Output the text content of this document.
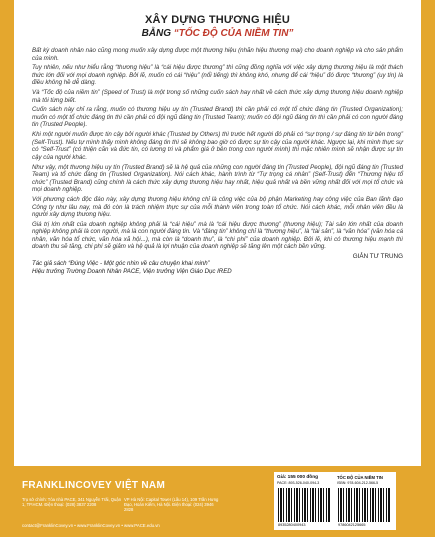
XÂY DỰNG THƯƠNG HIỆU
BẰNG “TỐC ĐỘ CỦA NIỀM TIN”

Bất kỳ doanh nhân nào cũng mong muốn xây dựng được một thương hiệu (nhãn hiệu thương mại) cho doanh nghiệp và cho sản phẩm của mình.

Tuy nhiên, nếu như hiểu rằng “thương hiệu” là “cái hiệu được thương” thì cũng đồng nghĩa với việc xây dựng thương hiệu là một thách thức lớn đối với mọi doanh nghiệp. Bởi lẽ, muốn có cái “hiệu” (nổi tiếng) thì không khó, nhưng để cái “hiệu” đó được “thương” (uy tín) là điều không hề dễ dàng.

Và “Tốc độ của niềm tin” (Speed of Trust) là một trong số những cuốn sách hay nhất về cách thức xây dựng thương hiệu doanh nghiệp mà tôi từng biết.

Cuốn sách này chỉ ra rằng, muốn có thương hiệu uy tín (Trusted Brand) thì cần phải có một tổ chức đáng tin (Trusted Organization); muốn có một tổ chức đáng tin thì cần phải có đội ngũ đáng tin (Trusted Team); muốn có đội ngũ đáng tin thì cần phải có con người đáng tin (Trusted People).

Khi một người muốn được tin cậy bởi người khác (Trusted by Others) thì trước hết người đó phải có “sự trọng / sự đáng tin từ bên trong” (Self-Trust). Nếu tự mình thấy mình không đáng tin thì sẽ không bao giờ có được sự tin cậy của người khác. Ngược lại, khi mình thực sự có “Self-Trust” (có thiện căn và đức tin, có lương tri và phẩm giá ở bên trong con người mình) thì mặc nhiên mình sẽ nhận được sự tin cậy của người khác.

Như vậy, một thương hiệu uy tín (Trusted Brand) sẽ là hệ quả của những con người đáng tin (Trusted People), đội ngũ đáng tin (Trusted Team) và tổ chức đáng tin (Trusted Organization). Nói cách khác, hành trình từ “Tự trọng cá nhân” (Self-Trust) đến “Thương hiệu tổ chức” (Trusted Brand) cũng chính là cách thức xây dựng thương hiệu hay nhất, hiệu quả nhất và bền vững nhất đối với mọi tổ chức và mọi doanh nghiệp.

Với phương cách độc đáo này, xây dựng thương hiệu không chỉ là công việc của bộ phận Marketing hay công việc của Ban lãnh đạo Công ty như lâu nay, mà đó còn là trách nhiệm thực sự của mỗi thành viên trong toàn tổ chức. Nói cách khác, mỗi nhân viên đều là người xây dựng thương hiệu.

Giá trị lớn nhất của doanh nghiệp không phải là “cái hiệu” mà là “cái hiệu được thương” (thương hiệu); Tài sản lớn nhất của doanh nghiệp không phải là con người, mà là con người đáng tin. Và “đáng tin” không chỉ là “thương hiệu”, là “tài sản”, là “văn hóa” (văn hóa cá nhân, văn hóa tổ chức, văn hóa xã hội...), mà còn là “doanh thu”, là “chi phí” của doanh nghiệp. Bởi lẽ, khi có thương hiệu mạnh thì doanh thu sẽ tăng, chi phí sẽ giảm và hệ quả là lợi nhuận của doanh nghiệp sẽ tăng lên một cách bền vững.

GIẢN TƯ TRUNG
Tác giả sách “Đúng Việc - Một góc nhìn về câu chuyện khai minh”
Hiệu trưởng Trường Doanh Nhân PACE, Viện trưởng Viện Giáo Dục IRED
FRANKLINCOVEY VIỆT NAM
Trụ sở chính: Tòa nhà PACE, 341 Nguyễn Trãi, Quận 1, TP.HCM. Điện thoại: (028) 3837 2208
VP Hà Nội: Capital Tower (Lầu 14), 109 Trần Hưng Đạo, Hoàn Kiếm, Hà Nội. Điện thoại: (024) 3946 2828
contact@FranklinCovey.vn • www.FranklinCovey.vn • www.PACE.edu.vn
Giá: 155 000 đồng	TỐC ĐỘ CỦA NIỀM TIN
PACE: 893-526-040-094-3	ISBN: 978-604-212-566-5
8935280400943	9786042125665
